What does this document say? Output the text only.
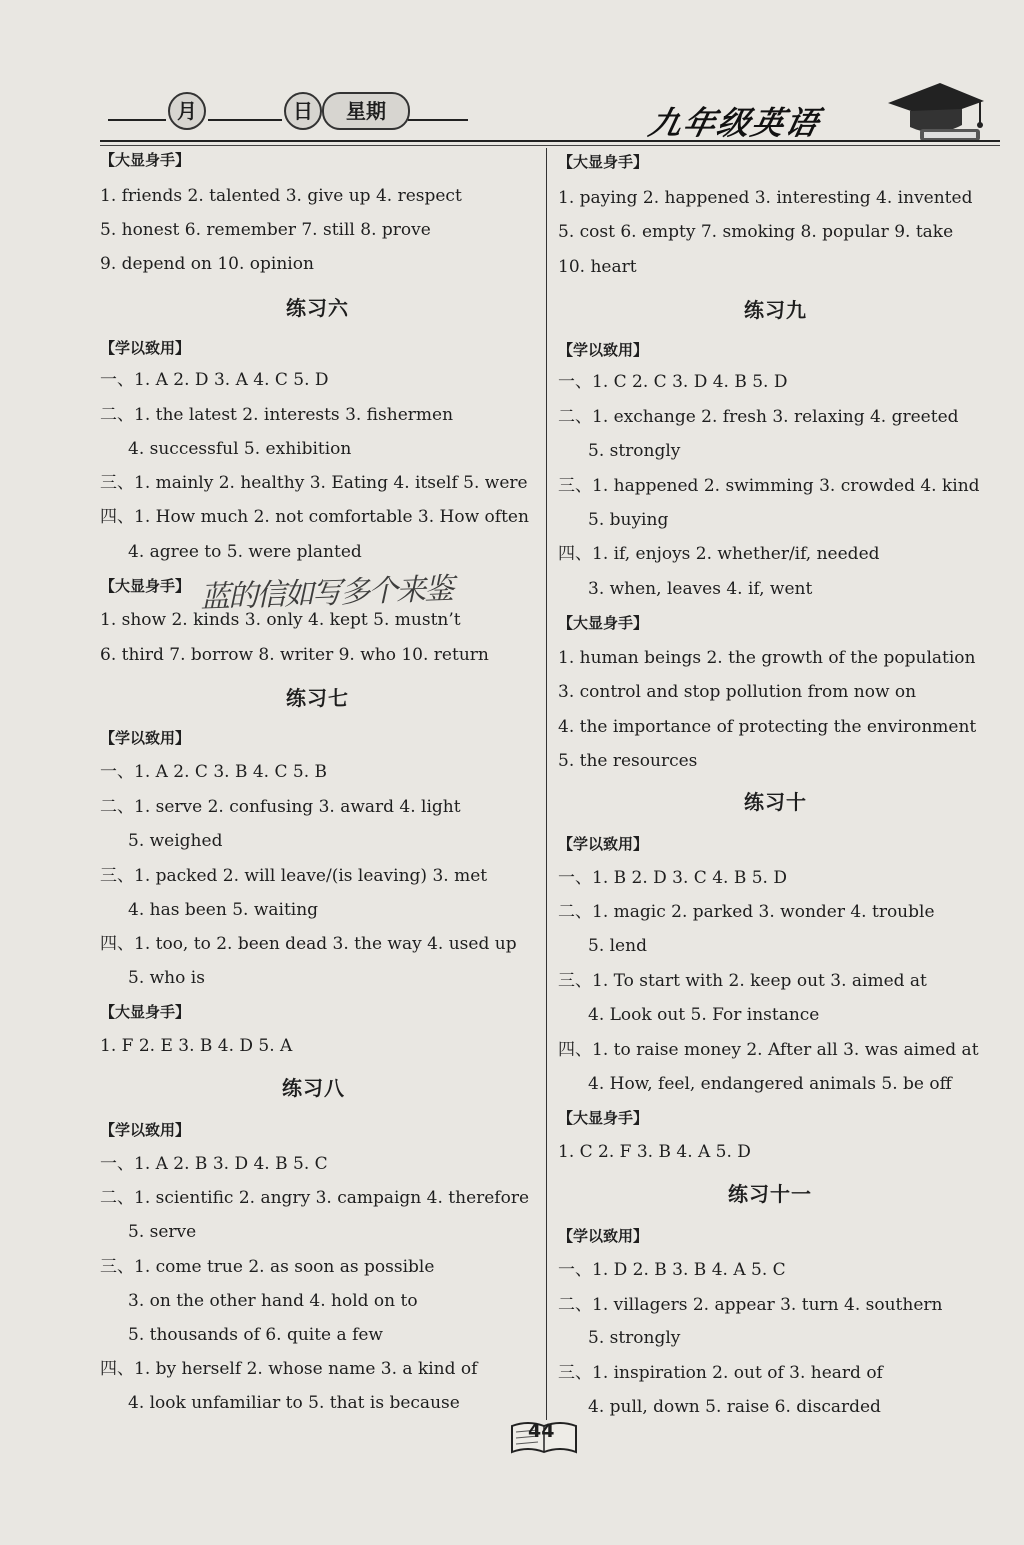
月	日	星期	九年级英语
【大显身手】
1. friends 2. talented 3. give up 4. respect
5. honest 6. remember 7. still 8. prove
9. depend on 10. opinion
练习六
【学以致用】
一、1. A 2. D 3. A 4. C 5. D
二、1. the latest 2. interests 3. fishermen
4. successful 5. exhibition
三、1. mainly 2. healthy 3. Eating 4. itself 5. were
四、1. How much 2. not comfortable 3. How often
4. agree to 5. were planted
【大显身手】
1. show 2. kinds 3. only 4. kept 5. mustn’t
6. third 7. borrow 8. writer 9. who 10. return
练习七
【学以致用】
一、1. A 2. C 3. B 4. C 5. B
二、1. serve 2. confusing 3. award 4. light
5. weighed
三、1. packed 2. will leave/(is leaving) 3. met
4. has been 5. waiting
四、1. too, to 2. been dead 3. the way 4. used up
5. who is
【大显身手】
1. F 2. E 3. B 4. D 5. A
练习八
【学以致用】
一、1. A 2. B 3. D 4. B 5. C
二、1. scientific 2. angry 3. campaign 4. therefore
5. serve
三、1. come true 2. as soon as possible
3. on the other hand 4. hold on to
5. thousands of 6. quite a few
四、1. by herself 2. whose name 3. a kind of
4. look unfamiliar to 5. that is because
蓝的信如写多个来鉴
【大显身手】
1. paying 2. happened 3. interesting 4. invented
5. cost 6. empty 7. smoking 8. popular 9. take
10. heart
练习九
【学以致用】
一、1. C 2. C 3. D 4. B 5. D
二、1. exchange 2. fresh 3. relaxing 4. greeted
5. strongly
三、1. happened 2. swimming 3. crowded 4. kind
5. buying
四、1. if, enjoys 2. whether/if, needed
3. when, leaves 4. if, went
【大显身手】
1. human beings 2. the growth of the population
3. control and stop pollution from now on
4. the importance of protecting the environment
5. the resources
练习十
【学以致用】
一、1. B 2. D 3. C 4. B 5. D
二、1. magic 2. parked 3. wonder 4. trouble
5. lend
三、1. To start with 2. keep out 3. aimed at
4. Look out 5. For instance
四、1. to raise money 2. After all 3. was aimed at
4. How, feel, endangered animals 5. be off
【大显身手】
1. C 2. F 3. B 4. A 5. D
练习十一
【学以致用】
一、1. D 2. B 3. B 4. A 5. C
二、1. villagers 2. appear 3. turn 4. southern
5. strongly
三、1. inspiration 2. out of 3. heard of
4. pull, down 5. raise 6. discarded
44
